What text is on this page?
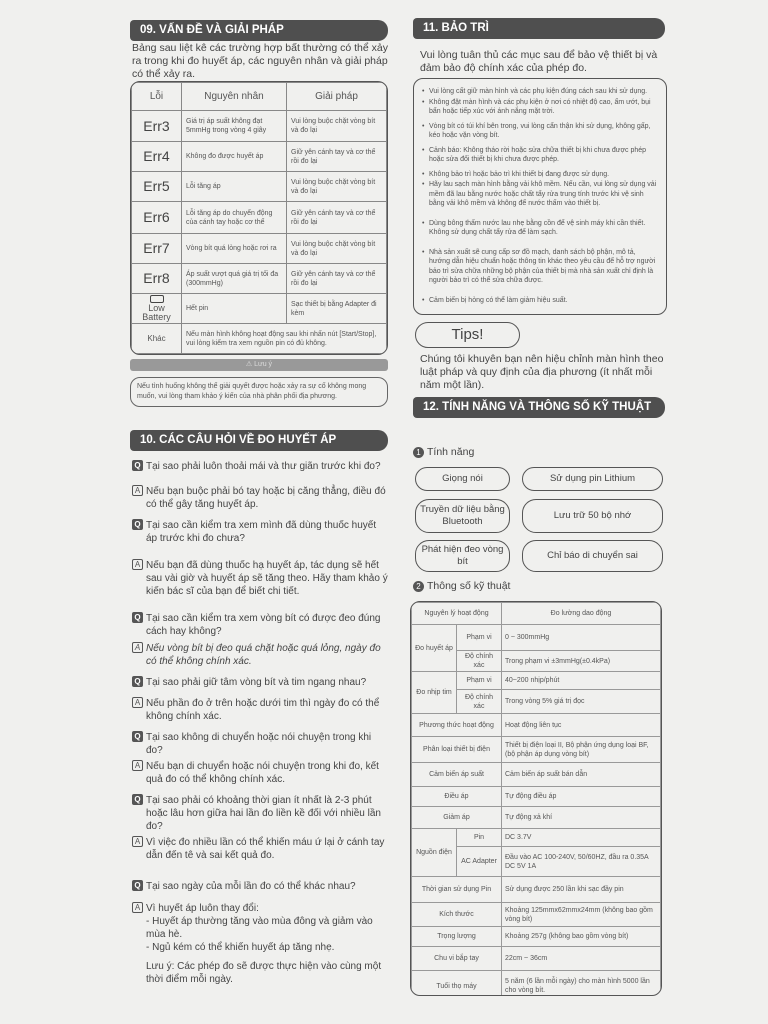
09. VẤN ĐỀ VÀ GIẢI PHÁP
Bảng sau liệt kê các trường hợp bất thường có thể xảy ra trong khi đo huyết áp, các nguyên nhân và giải pháp có thể xảy ra.
Lỗi	Nguyên nhân	Giải pháp
Err3	Giá trị áp suất không đạt 5mmHg trong vòng 4 giây	Vui lòng buộc chặt vòng bít và đo lại
Err4	Không đo được huyết áp	Giữ yên cánh tay và cơ thể rồi đo lại
Err5	Lỗi tăng áp	Vui lòng buộc chặt vòng bít và đo lại
Err6	Lỗi tăng áp do chuyển động của cánh tay hoặc cơ thể	Giữ yên cánh tay và cơ thể rồi đo lại
Err7	Vòng bít quá lỏng hoặc rơi ra	Vui lòng buộc chặt vòng bít và đo lại
Err8	Áp suất vượt quá giá trị tối đa (300mmHg)	Giữ yên cánh tay và cơ thể rồi đo lại

Low Battery	Hết pin	Sạc thiết bị bằng Adapter đi kèm
Khác	Nếu màn hình không hoạt động sau khi nhấn nút [Start/Stop], vui lòng kiểm tra xem nguồn pin có đủ không.	
⚠ Lưu ý
Nếu tình huống không thể giải quyết được hoặc xảy ra sự cố không mong muốn, vui lòng tham khảo ý kiến của nhà phân phối địa phương.
10. CÁC CÂU HỎI VỀ ĐO HUYẾT ÁP
Q Tại sao phải luôn thoải mái và thư giãn trước khi đo?
A Nếu bạn buộc phải bó tay hoặc bị căng thẳng, điều đó có thể gây tăng huyết áp.
Q Tại sao cần kiểm tra xem mình đã dùng thuốc huyết áp trước khi đo chưa?
A Nếu bạn đã dùng thuốc hạ huyết áp, tác dụng sẽ hết sau vài giờ và huyết áp sẽ tăng theo. Hãy tham khảo ý kiến bác sĩ của bạn để biết chi tiết.
Q Tại sao cần kiểm tra xem vòng bít có được đeo đúng cách hay không?
A Nếu vòng bít bị đeo quá chặt hoặc quá lỏng, ngày đo có thể không chính xác.
Q Tại sao phải giữ tâm vòng bít và tim ngang nhau?
A Nếu phần đo ở trên hoặc dưới tim thì ngày đo có thể không chính xác.
Q Tại sao không di chuyển hoặc nói chuyện trong khi đo?
A Nếu bạn di chuyển hoặc nói chuyện trong khi đo, kết quả đo có thể không chính xác.
Q Tại sao phải có khoảng thời gian ít nhất là 2-3 phút hoặc lâu hơn giữa hai lần đo liền kề đối với nhiều lần đo?
A Vì việc đo nhiều lần có thể khiến máu ứ lại ở cánh tay dẫn đến tê và sai kết quả đo.
Q Tại sao ngày của mỗi lần đo có thể khác nhau?
A Vì huyết áp luôn thay đổi:
- Huyết áp thường tăng vào mùa đông và giảm vào mùa hè.
- Ngủ kém có thể khiến huyết áp tăng nhẹ.
Lưu ý: Các phép đo sẽ được thực hiện vào cùng một thời điểm mỗi ngày.
11. BẢO TRÌ
Vui lòng tuân thủ các mục sau để bảo vệ thiết bị và đảm bảo độ chính xác của phép đo.
• Vui lòng cất giữ màn hình và các phụ kiện đúng cách sau khi sử dụng.
• Không đặt màn hình và các phụ kiện ở nơi có nhiệt độ cao, ẩm ướt, bụi bẩn hoặc tiếp xúc với ánh nắng mặt trời.
• Vòng bít có túi khí bên trong, vui lòng cẩn thận khi sử dụng, không gấp, kéo hoặc vặn vòng bít.
• Cảnh báo: Không tháo rời hoặc sửa chữa thiết bị khi chưa được phép hoặc sửa đổi thiết bị khi chưa được phép.
• Không bảo trì hoặc bảo trì khi thiết bị đang được sử dụng.
• Hãy lau sạch màn hình bằng vải khô mềm. Nếu cần, vui lòng sử dụng vải mềm đã lau bằng nước hoặc chất tẩy rửa trung tính trước khi vệ sinh bằng vải khô mềm và không để nước thấm vào thiết bị.
• Dùng bông thấm nước lau nhẹ bằng cồn để vệ sinh máy khi cần thiết. Không sử dụng chất tẩy rửa để làm sạch.
• Nhà sản xuất sẽ cung cấp sơ đồ mạch, danh sách bộ phận, mô tả, hướng dẫn hiệu chuẩn hoặc thông tin khác theo yêu cầu để hỗ trợ người bảo trì sửa chữa những bộ phận của thiết bị mà nhà sản xuất chỉ định là người bảo trì có thể sửa chữa được.
• Cảm biến bị hỏng có thể làm giảm hiệu suất.
Tips!
Chúng tôi khuyên bạn nên hiệu chỉnh màn hình theo luật pháp và quy định của địa phương (ít nhất mỗi năm một lần).
12. TÍNH NĂNG VÀ THÔNG SỐ KỸ THUẬT
1 Tính năng
Giọng nói	Sử dụng pin Lithium
Truyền dữ liệu bằng Bluetooth
Lưu trữ 50 bộ nhớ
Phát hiện đeo vòng bít
Chỉ báo di chuyển sai
2 Thông số kỹ thuật
Nguyên lý hoạt động		Đo lường dao động
Đo huyết áp	Phạm vi	0 ~ 300mmHg
	Độ chính xác	Trong phạm vi ±3mmHg(±0.4kPa)
Đo nhịp tim	Phạm vi	40~200 nhịp/phút
	Độ chính xác	Trong vòng 5% giá trị đọc
Phương thức hoạt động		Hoạt động liên tục
Phân loại thiết bị điện		Thiết bị điện loại II, Bộ phận ứng dụng loại BF, (bộ phận áp dụng vòng bít)
Cảm biến áp suất		Cảm biến áp suất bán dẫn
Điều áp		Tự động điều áp
Giảm áp		Tự động xả khí
Nguồn điện	Pin	DC 3.7V
	AC Adapter	Đầu vào AC 100-240V, 50/60HZ, đầu ra 0.35A DC 5V 1A
Thời gian sử dụng Pin		Sử dụng được 250 lần khi sạc đầy pin
Kích thước		Khoảng 125mmx62mmx24mm (không bao gồm vòng bít)
Trọng lượng		Khoảng 257g (không bao gồm vòng bít)
Chu vi bắp tay		22cm ~ 36cm
Tuổi thọ máy		5 năm (6 lần mỗi ngày) cho màn hình 5000 lần cho vòng bít.
